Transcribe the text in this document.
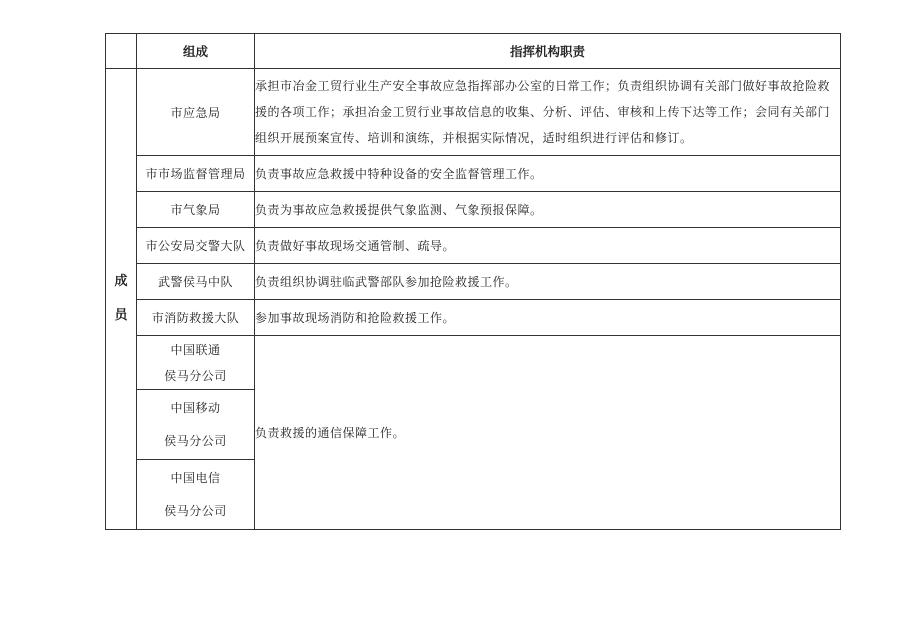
	组成	指挥机构职责

成
员	市应急局	承担市冶金工贸行业生产安全事故应急指挥部办公室的日常工作；负责组织协调有关部门做好事故抢险救援的各项工作；承担冶金工贸行业事故信息的收集、分析、评估、审核和上传下达等工作；会同有关部门组织开展预案宣传、培训和演练，并根据实际情况，适时组织进行评估和修订。

	市市场监督管理局	负责事故应急救援中特种设备的安全监督管理工作。
	市气象局	负责为事故应急救援提供气象监测、气象预报保障。
	市公安局交警大队	负责做好事故现场交通管制、疏导。
	武警侯马中队	负责组织协调驻临武警部队参加抢险救援工作。
	市消防救援大队	参加事故现场消防和抢险救援工作。

	中国联通
侯马分公司	负责救援的通信保障工作。

	中国移动
侯马分公司	

	中国电信
侯马分公司	
